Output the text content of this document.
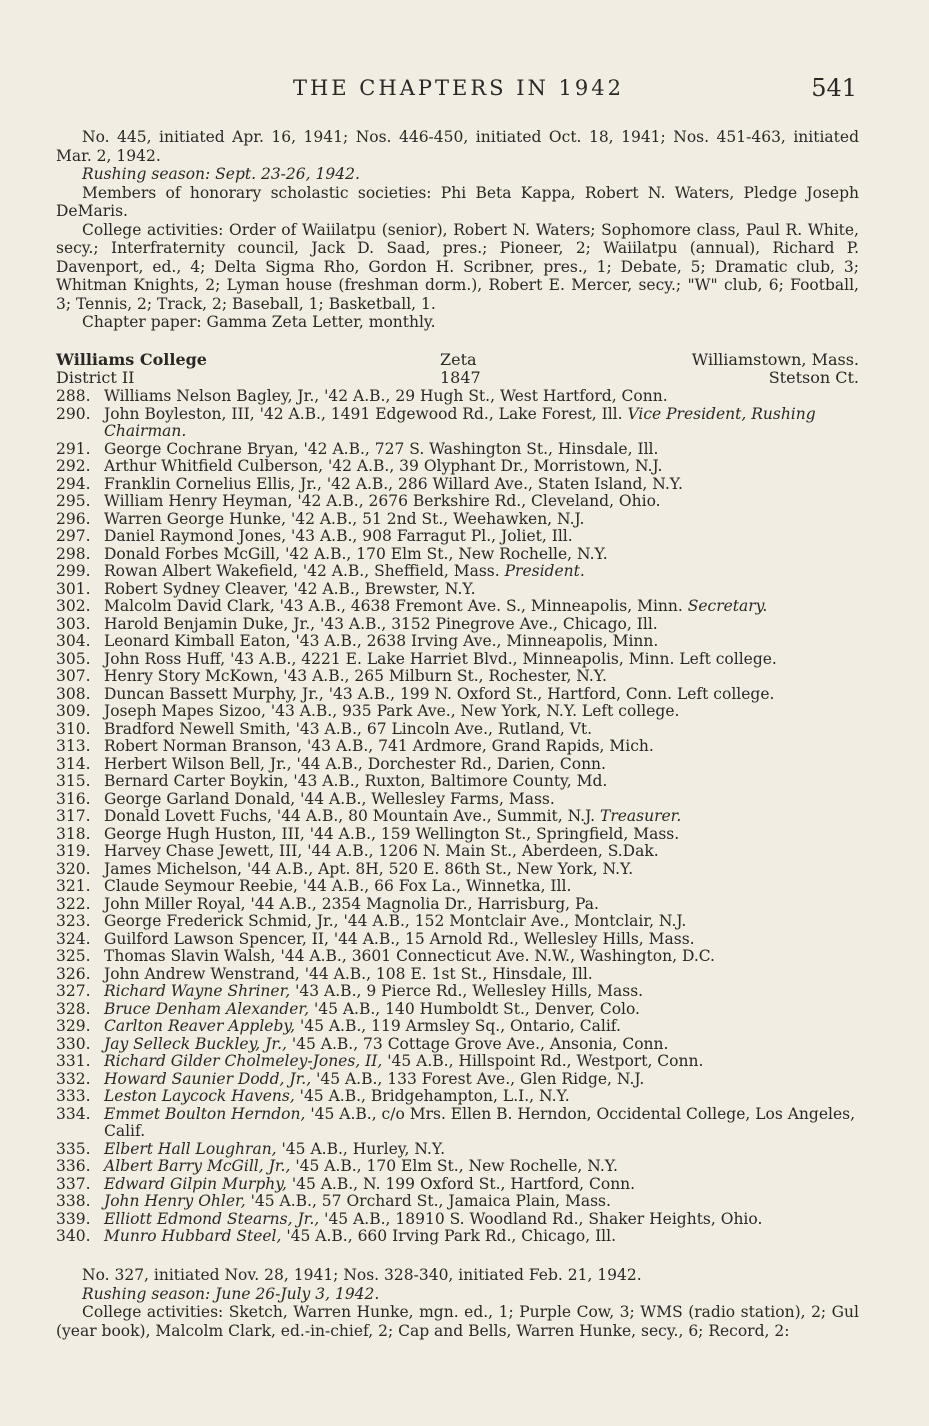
THE CHAPTERS IN 1942	541

No. 445, initiated Apr. 16, 1941; Nos. 446-450, initiated Oct. 18, 1941; Nos. 451-463, initiated Mar. 2, 1942.

Rushing season: Sept. 23-26, 1942.

Members of honorary scholastic societies: Phi Beta Kappa, Robert N. Waters, Pledge Joseph DeMaris.

College activities: Order of Waiilatpu (senior), Robert N. Waters; Sophomore class, Paul R. White, secy.; Interfraternity council, Jack D. Saad, pres.; Pioneer, 2; Waiilatpu (annual), Richard P. Davenport, ed., 4; Delta Sigma Rho, Gordon H. Scribner, pres., 1; Debate, 5; Dramatic club, 3; Whitman Knights, 2; Lyman house (freshman dorm.), Robert E. Mercer, secy.; "W" club, 6; Football, 3; Tennis, 2; Track, 2; Baseball, 1; Basketball, 1.

Chapter paper: Gamma Zeta Letter, monthly.

Williams College	Zeta	Williamstown, Mass.
District II	1847	Stetson Ct.
288. Williams Nelson Bagley, Jr., '42 A.B., 29 Hugh St., West Hartford, Conn.
290. John Boyleston, III, '42 A.B., 1491 Edgewood Rd., Lake Forest, Ill. Vice President, Rushing Chairman.
291. George Cochrane Bryan, '42 A.B., 727 S. Washington St., Hinsdale, Ill.
292. Arthur Whitfield Culberson, '42 A.B., 39 Olyphant Dr., Morristown, N.J.
294. Franklin Cornelius Ellis, Jr., '42 A.B., 286 Willard Ave., Staten Island, N.Y.
295. William Henry Heyman, '42 A.B., 2676 Berkshire Rd., Cleveland, Ohio.
296. Warren George Hunke, '42 A.B., 51 2nd St., Weehawken, N.J.
297. Daniel Raymond Jones, '43 A.B., 908 Farragut Pl., Joliet, Ill.
298. Donald Forbes McGill, '42 A.B., 170 Elm St., New Rochelle, N.Y.
299. Rowan Albert Wakefield, '42 A.B., Sheffield, Mass. President.
301. Robert Sydney Cleaver, '42 A.B., Brewster, N.Y.
302. Malcolm David Clark, '43 A.B., 4638 Fremont Ave. S., Minneapolis, Minn. Secretary.
303. Harold Benjamin Duke, Jr., '43 A.B., 3152 Pinegrove Ave., Chicago, Ill.
304. Leonard Kimball Eaton, '43 A.B., 2638 Irving Ave., Minneapolis, Minn.
305. John Ross Huff, '43 A.B., 4221 E. Lake Harriet Blvd., Minneapolis, Minn. Left college.
307. Henry Story McKown, '43 A.B., 265 Milburn St., Rochester, N.Y.
308. Duncan Bassett Murphy, Jr., '43 A.B., 199 N. Oxford St., Hartford, Conn. Left college.
309. Joseph Mapes Sizoo, '43 A.B., 935 Park Ave., New York, N.Y. Left college.
310. Bradford Newell Smith, '43 A.B., 67 Lincoln Ave., Rutland, Vt.
313. Robert Norman Branson, '43 A.B., 741 Ardmore, Grand Rapids, Mich.
314. Herbert Wilson Bell, Jr., '44 A.B., Dorchester Rd., Darien, Conn.
315. Bernard Carter Boykin, '43 A.B., Ruxton, Baltimore County, Md.
316. George Garland Donald, '44 A.B., Wellesley Farms, Mass.
317. Donald Lovett Fuchs, '44 A.B., 80 Mountain Ave., Summit, N.J. Treasurer.
318. George Hugh Huston, III, '44 A.B., 159 Wellington St., Springfield, Mass.
319. Harvey Chase Jewett, III, '44 A.B., 1206 N. Main St., Aberdeen, S.Dak.
320. James Michelson, '44 A.B., Apt. 8H, 520 E. 86th St., New York, N.Y.
321. Claude Seymour Reebie, '44 A.B., 66 Fox La., Winnetka, Ill.
322. John Miller Royal, '44 A.B., 2354 Magnolia Dr., Harrisburg, Pa.
323. George Frederick Schmid, Jr., '44 A.B., 152 Montclair Ave., Montclair, N.J.
324. Guilford Lawson Spencer, II, '44 A.B., 15 Arnold Rd., Wellesley Hills, Mass.
325. Thomas Slavin Walsh, '44 A.B., 3601 Connecticut Ave. N.W., Washington, D.C.
326. John Andrew Wenstrand, '44 A.B., 108 E. 1st St., Hinsdale, Ill.
327. Richard Wayne Shriner, '43 A.B., 9 Pierce Rd., Wellesley Hills, Mass.
328. Bruce Denham Alexander, '45 A.B., 140 Humboldt St., Denver, Colo.
329. Carlton Reaver Appleby, '45 A.B., 119 Armsley Sq., Ontario, Calif.
330. Jay Selleck Buckley, Jr., '45 A.B., 73 Cottage Grove Ave., Ansonia, Conn.
331. Richard Gilder Cholmeley-Jones, II, '45 A.B., Hillspoint Rd., Westport, Conn.
332. Howard Saunier Dodd, Jr., '45 A.B., 133 Forest Ave., Glen Ridge, N.J.
333. Leston Laycock Havens, '45 A.B., Bridgehampton, L.I., N.Y.
334. Emmet Boulton Herndon, '45 A.B., c/o Mrs. Ellen B. Herndon, Occidental College, Los Angeles, Calif.
335. Elbert Hall Loughran, '45 A.B., Hurley, N.Y.
336. Albert Barry McGill, Jr., '45 A.B., 170 Elm St., New Rochelle, N.Y.
337. Edward Gilpin Murphy, '45 A.B., N. 199 Oxford St., Hartford, Conn.
338. John Henry Ohler, '45 A.B., 57 Orchard St., Jamaica Plain, Mass.
339. Elliott Edmond Stearns, Jr., '45 A.B., 18910 S. Woodland Rd., Shaker Heights, Ohio.
340. Munro Hubbard Steel, '45 A.B., 660 Irving Park Rd., Chicago, Ill.

No. 327, initiated Nov. 28, 1941; Nos. 328-340, initiated Feb. 21, 1942.

Rushing season: June 26-July 3, 1942.

College activities: Sketch, Warren Hunke, mgn. ed., 1; Purple Cow, 3; WMS (radio station), 2; Gul (year book), Malcolm Clark, ed.-in-chief, 2; Cap and Bells, Warren Hunke, secy., 6; Record, 2:
